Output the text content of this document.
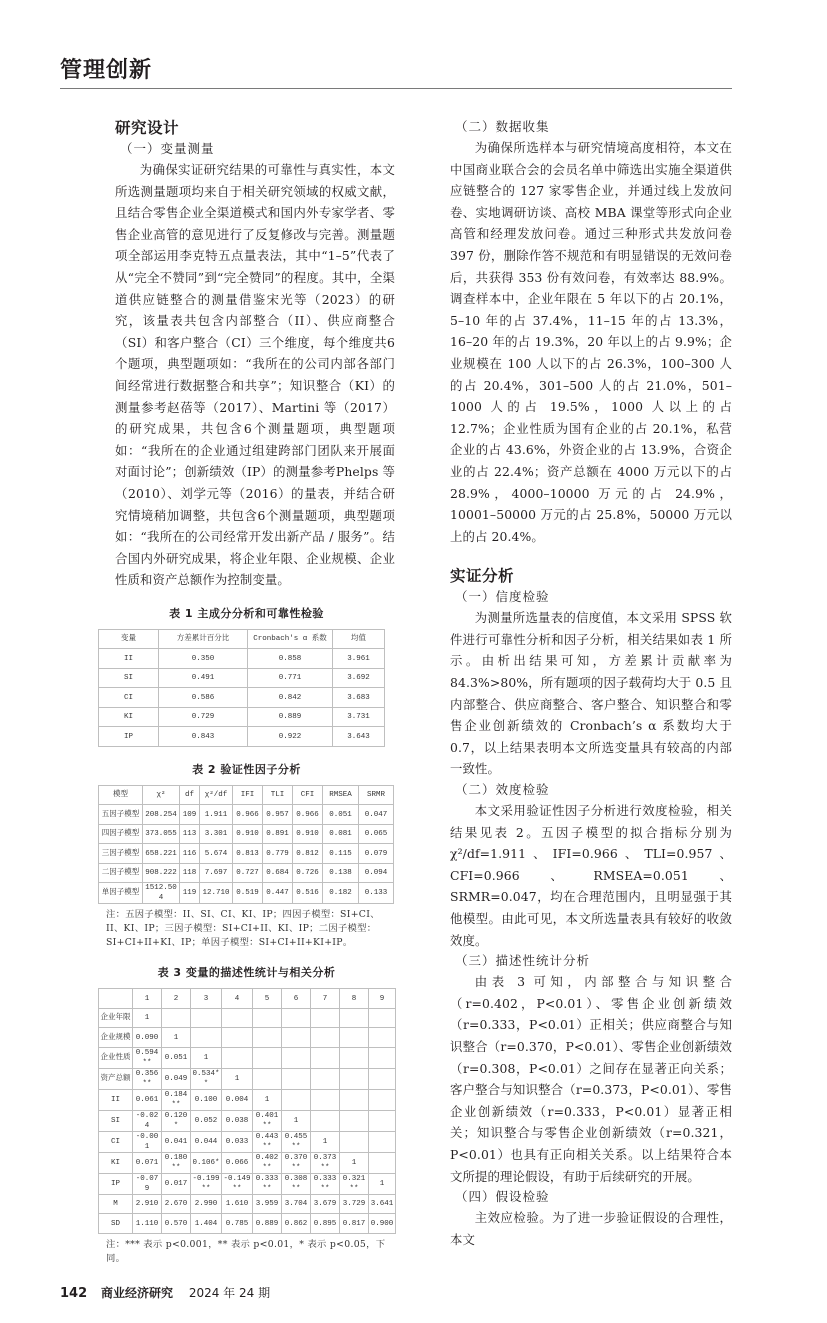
管理创新
研究设计
（一）变量测量

为确保实证研究结果的可靠性与真实性，本文所选测量题项均来自于相关研究领域的权威文献，且结合零售企业全渠道模式和国内外专家学者、零售企业高管的意见进行了反复修改与完善。测量题项全部运用李克特五点量表法，其中“1–5”代表了从“完全不赞同”到“完全赞同”的程度。其中，全渠道供应链整合的测量借鉴宋光等（2023）的研究，该量表共包含内部整合（II）、供应商整合（SI）和客户整合（CI）三个维度，每个维度共6个题项，典型题项如：“我所在的公司内部各部门间经常进行数据整合和共享”；知识整合（KI）的测量参考赵蓓等（2017）、Martini 等（2017）的研究成果，共包含6个测量题项，典型题项如：“我所在的企业通过组建跨部门团队来开展面对面讨论”；创新绩效（IP）的测量参考Phelps 等（2010）、刘学元等（2016）的量表，并结合研究情境稍加调整，共包含6个测量题项，典型题项如：“我所在的公司经常开发出新产品 / 服务”。结合国内外研究成果，将企业年限、企业规模、企业性质和资产总额作为控制变量。

表 1 主成分分析和可靠性检验
变量	方差累计百分比	Cronbach's α 系数	均值
II	0.350	0.858	3.961
SI	0.491	0.771	3.692
CI	0.586	0.842	3.683
KI	0.729	0.889	3.731
IP	0.843	0.922	3.643
表 2 验证性因子分析
模型	χ²	df	χ²/df	IFI	TLI	CFI	RMSEA	SRMR
五因子模型	208.254	109	1.911	0.966	0.957	0.966	0.051	0.047
四因子模型	373.055	113	3.301	0.910	0.891	0.910	0.081	0.065
三因子模型	658.221	116	5.674	0.813	0.779	0.812	0.115	0.079
二因子模型	908.222	118	7.697	0.727	0.684	0.726	0.138	0.094
单因子模型	1512.504	119	12.710	0.519	0.447	0.516	0.182	0.133
注：五因子模型：II、SI、CI、KI、IP；四因子模型：SI+CI、II、KI、IP；三因子模型：SI+CI+II、KI、IP；二因子模型：SI+CI+II+KI、IP；单因子模型：SI+CI+II+KI+IP。
表 3 变量的描述性统计与相关分析
	1	2	3	4	5	6	7	8	9
企业年限	1								
企业规模	0.090	1							
企业性质	0.594**	0.051	1						
资产总额	0.356**	0.049	0.534**	1					
II	0.061	0.184**	0.100	0.004	1				
SI	-0.024	0.120*	0.052	0.038	0.401**	1			
CI	-0.001	0.041	0.044	0.033	0.443**	0.455**	1		
KI	0.071	0.180**	0.106*	0.066	0.402**	0.370**	0.373**	1	
IP	-0.079	0.017	-0.199**	-0.149**	0.333**	0.308**	0.333**	0.321**	1
M	2.910	2.670	2.990	1.610	3.959	3.704	3.679	3.729	3.641
SD	1.110	0.570	1.404	0.785	0.889	0.862	0.895	0.817	0.900
注：*** 表示 p<0.001，** 表示 p<0.01，* 表示 p<0.05，下同。
（二）数据收集

为确保所选样本与研究情境高度相符，本文在中国商业联合会的会员名单中筛选出实施全渠道供应链整合的 127 家零售企业，并通过线上发放问卷、实地调研访谈、高校 MBA 课堂等形式向企业高管和经理发放问卷。通过三种形式共发放问卷 397 份，删除作答不规范和有明显错误的无效问卷后，共获得 353 份有效问卷，有效率达 88.9%。调查样本中，企业年限在 5 年以下的占 20.1%，5–10 年的占 37.4%，11–15 年的占 13.3%，16–20 年的占 19.3%，20 年以上的占 9.9%；企业规模在 100 人以下的占 26.3%，100–300 人的占 20.4%，301–500 人的占 21.0%，501–1000 人的占 19.5%，1000 人以上的占 12.7%；企业性质为国有企业的占 20.1%，私营企业的占 43.6%，外资企业的占 13.9%，合资企业的占 22.4%；资产总额在 4000 万元以下的占 28.9%，4000–10000 万元的占 24.9%，10001–50000 万元的占 25.8%，50000 万元以上的占 20.4%。

实证分析
（一）信度检验

为测量所选量表的信度值，本文采用 SPSS 软件进行可靠性分析和因子分析，相关结果如表 1 所示。由析出结果可知，方差累计贡献率为 84.3%>80%，所有题项的因子载荷均大于 0.5 且内部整合、供应商整合、客户整合、知识整合和零售企业创新绩效的 Cronbach’s α 系数均大于 0.7，以上结果表明本文所选变量具有较高的内部一致性。

（二）效度检验

本文采用验证性因子分析进行效度检验，相关结果见表 2。五因子模型的拟合指标分别为 χ²/df=1.911、IFI=0.966、TLI=0.957、CFI=0.966、RMSEA=0.051、SRMR=0.047，均在合理范围内，且明显强于其他模型。由此可见，本文所选量表具有较好的收敛效度。

（三）描述性统计分析

由表 3 可知，内部整合与知识整合（r=0.402，P<0.01）、零售企业创新绩效（r=0.333，P<0.01）正相关；供应商整合与知识整合（r=0.370，P<0.01）、零售企业创新绩效（r=0.308，P<0.01）之间存在显著正向关系；客户整合与知识整合（r=0.373，P<0.01）、零售企业创新绩效（r=0.333，P<0.01）显著正相关；知识整合与零售企业创新绩效（r=0.321，P<0.01）也具有正向相关关系。以上结果符合本文所提的理论假设，有助于后续研究的开展。

（四）假设检验

主效应检验。为了进一步验证假设的合理性，本文

142 商业经济研究 2024 年 24 期
